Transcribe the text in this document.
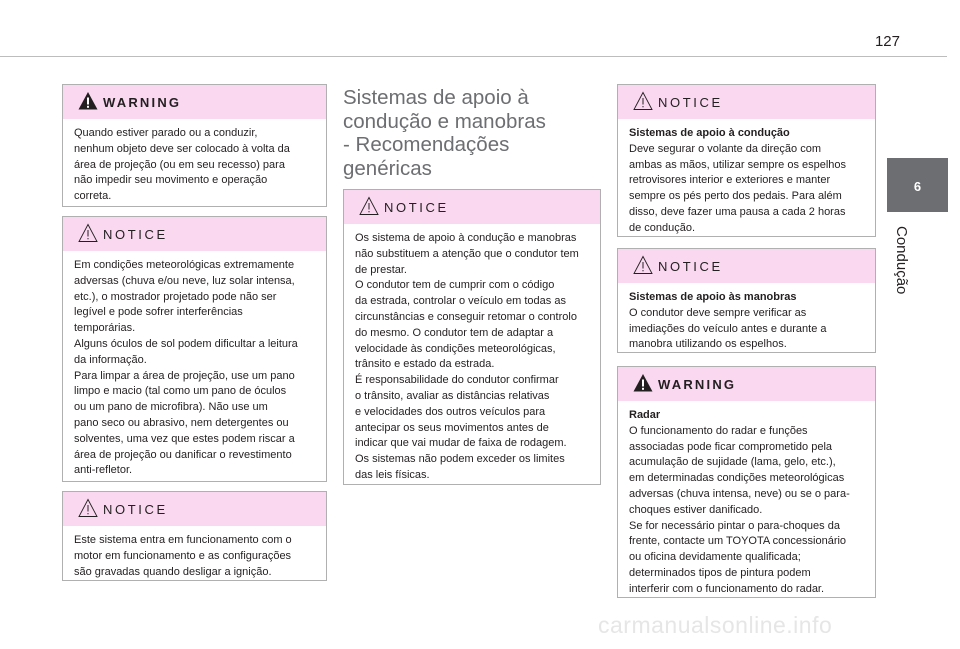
127
6
Condução
WARNING

Quando estiver parado ou a conduzir,

nenhum objeto deve ser colocado à volta da

área de projeção (ou em seu recesso) para

não impedir seu movimento e operação

correta.

NOTICE

Em condições meteorológicas extremamente

adversas (chuva e/ou neve, luz solar intensa,

etc.), o mostrador projetado pode não ser

legível e pode sofrer interferências

temporárias.

Alguns óculos de sol podem dificultar a leitura

da informação.

Para limpar a área de projeção, use um pano

limpo e macio (tal como um pano de óculos

ou um pano de microfibra). Não use um

pano seco ou abrasivo, nem detergentes ou

solventes, uma vez que estes podem riscar a

área de projeção ou danificar o revestimento

anti-refletor.

NOTICE

Este sistema entra em funcionamento com o

motor em funcionamento e as configurações

são gravadas quando desligar a ignição.

Sistemas de apoio à
condução e manobras
- Recomendações
genéricas
NOTICE

Os sistema de apoio à condução e manobras

não substituem a atenção que o condutor tem

de prestar.

O condutor tem de cumprir com o código

da estrada, controlar o veículo em todas as

circunstâncias e conseguir retomar o controlo

do mesmo. O condutor tem de adaptar a

velocidade às condições meteorológicas,

trânsito e estado da estrada.

É responsabilidade do condutor confirmar

o trânsito, avaliar as distâncias relativas

e velocidades dos outros veículos para

antecipar os seus movimentos antes de

indicar que vai mudar de faixa de rodagem.

Os sistemas não podem exceder os limites

das leis físicas.

NOTICE

Sistemas de apoio à condução

Deve segurar o volante da direção com

ambas as mãos, utilizar sempre os espelhos

retrovisores interior e exteriores e manter

sempre os pés perto dos pedais. Para além

disso, deve fazer uma pausa a cada 2 horas

de condução.

NOTICE

Sistemas de apoio às manobras

O condutor deve sempre verificar as

imediações do veículo antes e durante a

manobra utilizando os espelhos.

WARNING

Radar

O funcionamento do radar e funções

associadas pode ficar comprometido pela

acumulação de sujidade (lama, gelo, etc.),

em determinadas condições meteorológicas

adversas (chuva intensa, neve) ou se o para-

choques estiver danificado.

Se for necessário pintar o para-choques da

frente, contacte um TOYOTA concessionário

ou oficina devidamente qualificada;

determinados tipos de pintura podem

interferir com o funcionamento do radar.

carmanualsonline.info
